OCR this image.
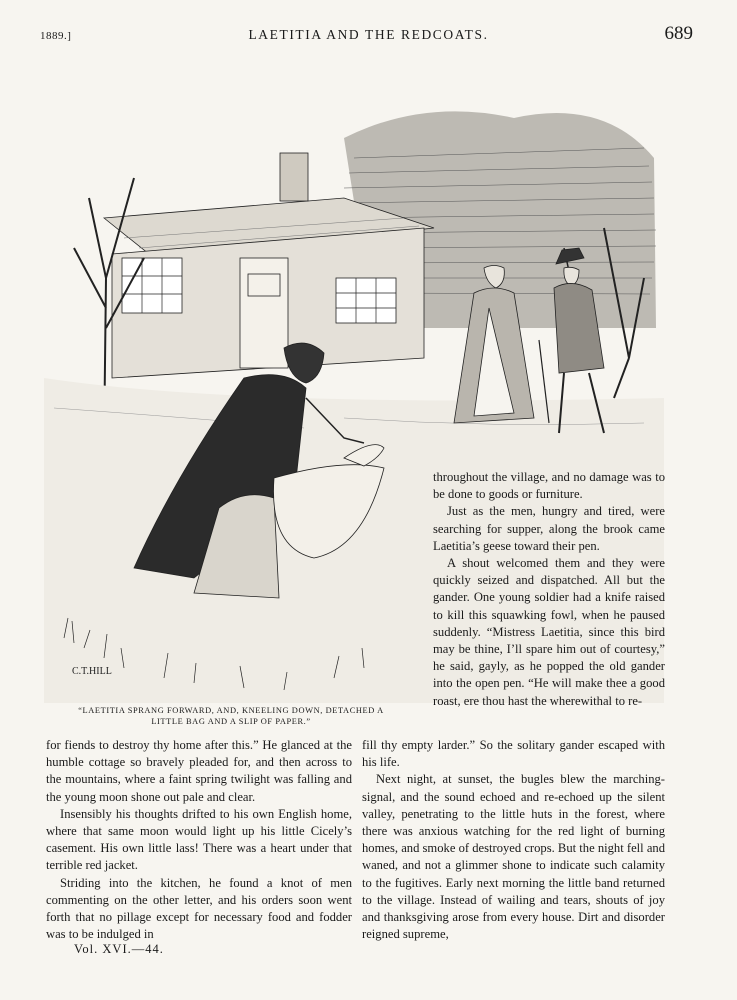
1889.]	LAETITIA AND THE REDCOATS.	689
C.T.HILL
“LAETITIA SPRANG FORWARD, AND, KNEELING DOWN, DETACHED A
LITTLE BAG AND A SLIP OF PAPER.”

throughout the village, and no damage was to be done to goods or furniture.

Just as the men, hungry and tired, were searching for supper, along the brook came Laetitia’s geese toward their pen.

A shout welcomed them and they were quickly seized and dispatched. All but the gander. One young soldier had a knife raised to kill this squawking fowl, when he paused suddenly. “Mistress Laetitia, since this bird may be thine, I’ll spare him out of courtesy,” he said, gayly, as he popped the old gander into the open pen. “He will make thee a good roast, ere thou hast the wherewithal to re-

for fiends to destroy thy home after this.” He glanced at the humble cottage so bravely pleaded for, and then across to the mountains, where a faint spring twilight was falling and the young moon shone out pale and clear.

Insensibly his thoughts drifted to his own English home, where that same moon would light up his little Cicely’s casement. His own little lass! There was a heart under that terrible red jacket.

Striding into the kitchen, he found a knot of men commenting on the other letter, and his orders soon went forth that no pillage except for necessary food and fodder was to be indulged in

fill thy empty larder.” So the solitary gander escaped with his life.

Next night, at sunset, the bugles blew the marching-signal, and the sound echoed and re-echoed up the silent valley, penetrating to the little huts in the forest, where there was anxious watching for the red light of burning homes, and smoke of destroyed crops. But the night fell and waned, and not a glimmer shone to indicate such calamity to the fugitives. Early next morning the little band returned to the village. Instead of wailing and tears, shouts of joy and thanksgiving arose from every house. Dirt and disorder reigned supreme,

Vol. XVI.—44.
